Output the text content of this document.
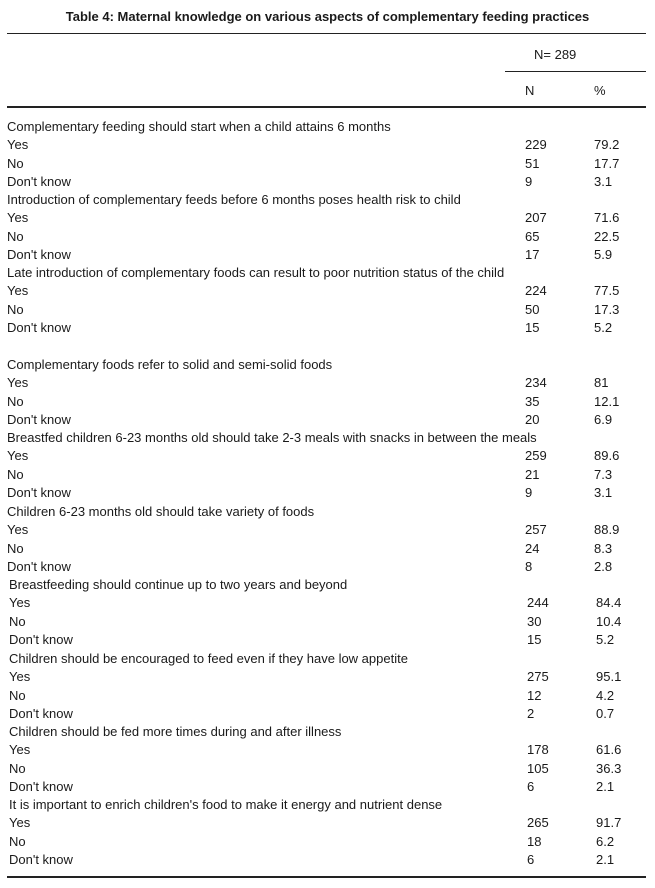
Table 4: Maternal knowledge on various aspects of complementary feeding practices
N= 289
N	%
Complementary feeding should start when a child attains 6 months
Yes	229	79.2
No	51	17.7
Don't know	9	3.1
Introduction of complementary feeds before 6 months poses health risk to child
Yes	207	71.6
No	65	22.5
Don't know	17	5.9
Late introduction of complementary foods can result to poor nutrition status of the child
Yes	224	77.5
No	50	17.3
Don't know	15	5.2
Complementary foods refer to solid and semi-solid foods
Yes	234	81
No	35	12.1
Don't know	20	6.9
Breastfed children 6-23 months old should take 2-3 meals with snacks in between the meals
Yes	259	89.6
No	21	7.3
Don't know	9	3.1
Children 6-23 months old should take variety of foods
Yes	257	88.9
No	24	8.3
Don't know	8	2.8
Breastfeeding should continue up to two years and beyond
Yes	244	84.4
No	30	10.4
Don't know	15	5.2
Children should be encouraged to feed even if they have low appetite
Yes	275	95.1
No	12	4.2
Don't know	2	0.7
Children should be fed more times during and after illness
Yes	178	61.6
No	105	36.3
Don't know	6	2.1
It is important to enrich children's food to make it energy and nutrient dense
Yes	265	91.7
No	18	6.2
Don't know	6	2.1
